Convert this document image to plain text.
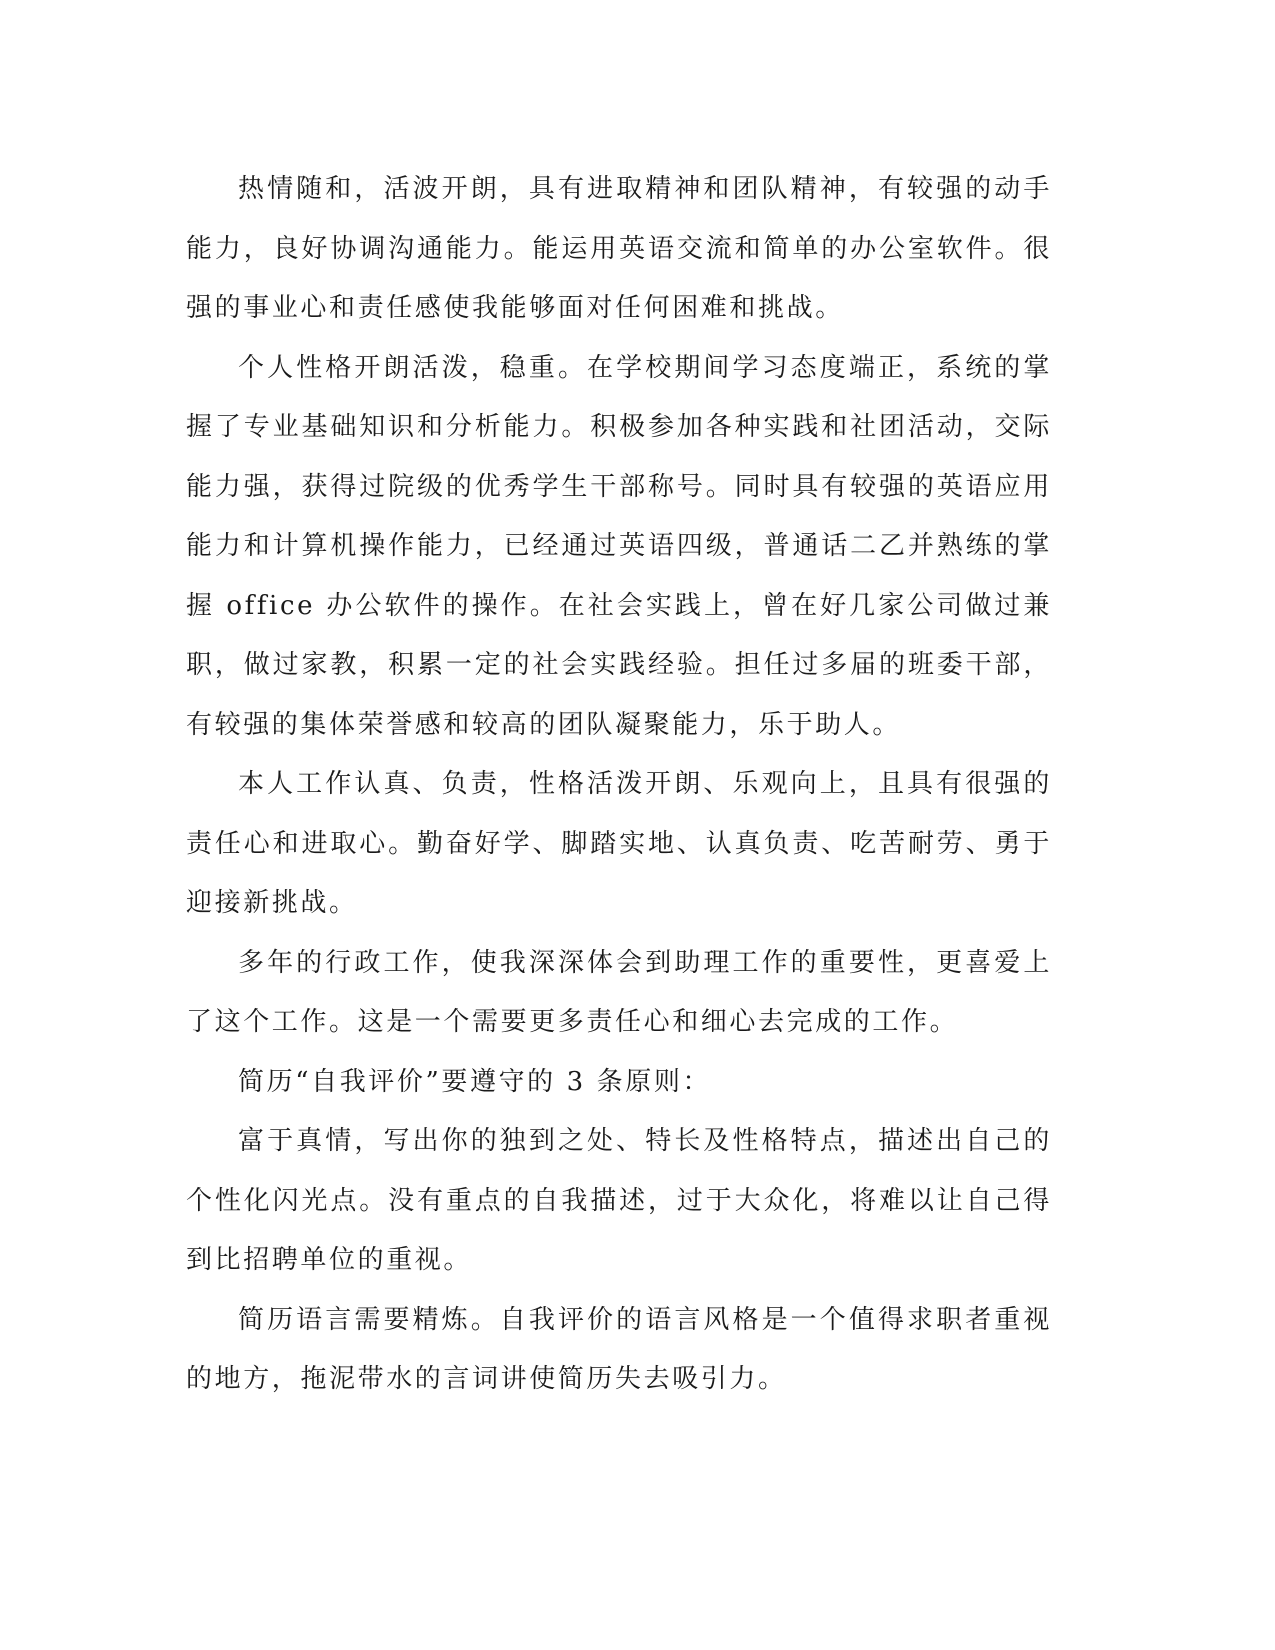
热情随和，活波开朗，具有进取精神和团队精神，有较强的动手能力，良好协调沟通能力。能运用英语交流和简单的办公室软件。很强的事业心和责任感使我能够面对任何困难和挑战。

个人性格开朗活泼，稳重。在学校期间学习态度端正，系统的掌握了专业基础知识和分析能力。积极参加各种实践和社团活动，交际能力强，获得过院级的优秀学生干部称号。同时具有较强的英语应用能力和计算机操作能力，已经通过英语四级，普通话二乙并熟练的掌握 office 办公软件的操作。在社会实践上，曾在好几家公司做过兼职，做过家教，积累一定的社会实践经验。担任过多届的班委干部，有较强的集体荣誉感和较高的团队凝聚能力，乐于助人。

本人工作认真、负责，性格活泼开朗、乐观向上，且具有很强的责任心和进取心。勤奋好学、脚踏实地、认真负责、吃苦耐劳、勇于迎接新挑战。

多年的行政工作，使我深深体会到助理工作的重要性，更喜爱上了这个工作。这是一个需要更多责任心和细心去完成的工作。

简历“自我评价”要遵守的 3 条原则：

富于真情，写出你的独到之处、特长及性格特点，描述出自己的个性化闪光点。没有重点的自我描述，过于大众化，将难以让自己得到比招聘单位的重视。

简历语言需要精炼。自我评价的语言风格是一个值得求职者重视的地方，拖泥带水的言词讲使简历失去吸引力。
